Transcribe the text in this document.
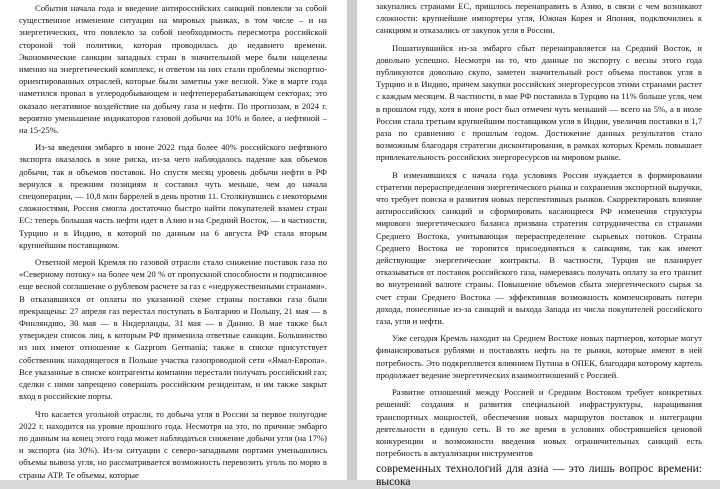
События начала года и введение антироссийских санкций повлекли за собой существенное изменение ситуации на мировых рынках, в том числе – и на энергетических, что повлекло за собой необходимость пересмотра российской стороной той политики, которая проводилась до недавнего времени. Экономические санкции западных стран в значительной мере были нацелены именно на энергетический комплекс, и ответом на них стали проблемы экспортно-ориентированных отраслей, которые были заметны уже весной. Уже в марте года наметился провал в углеродобывающем и нефтеперерабатывающем секторах; это оказало негативное воздействие на добычу газа и нефти. По прогнозам, в 2024 г. вероятно уменьшение индикаторов газовой добычи на 10% и более, а нефтяной – на 15-25%.

Из-за введения эмбарго в июне 2022 года более 40% российского нефтяного экспорта оказалось в зоне риска, из-за чего наблюдалось падение как объемов добычи, так и объемов поставок. Но спустя месяц уровень добычи нефти в РФ вернулся к прежним позициям и составил чуть меньше, чем до начала спецоперации, — 10,8 млн баррелей в день против 11. Столкнувшись с некоторыми сложностями, Россия смогла достаточно быстро найти покупателей взамен стран ЕС: теперь большая часть нефти идет в Азию и на Средний Восток, — в частности, Турцию и в Индию, в которой по данным на 6 августа РФ стала вторым крупнейшим поставщиком.

Ответной мерой Кремля по газовой отрасли стало снижение поставок газа по «Северному потоку» на более чем 20 % от пропускной способности и подписанное еще весной соглашение о рублевом расчете за газ с «недружественными странами». В отказавшихся от оплаты по указанной схеме страны поставки газа были прекращены: 27 апреля газ перестал поступать в Болгарию и Польшу, 21 мая — в Финляндию, 30 мая — в Нидерланды, 31 мая — в Данию. В мае также был утвержден список лиц, к которым РФ применила ответные санкции. Большинство из них имеют отношение к Gazprom Germania; также в списке присутствует собственник находящегося в Польше участка газопроводной сети «Ямал-Европа». Все указанные в списке контрагенты компании перестали получать российский газ; сделки с ними запрещено совершать российским резидентам, и им также закрыт вход в российские порты.

Что касается угольной отрасли, то добыча угля в России за первое полугодие 2022 г. находится на уровне прошлого года. Несмотря на это, по причине эмбарго по данным на конец этого года может наблюдаться снижение добычи угля (на 17%) и экспорта (на 30%). Из-за ситуации с северо-западными портами уменьшились объемы вывоза угля, но рассматривается возможность перевозить уголь по морю в страны АТР. Те объемы, которые

закупались странами ЕС, пришлось перенаправить в Азию, в связи с чем возникают сложности: крупнейшие импортеры угля, Южная Корея и Япония, подключились к санкциям и отказались от закупок угля в России.

Пошатнувшийся из-за эмбарго сбыт перенаправляется на Средний Восток, и довольно успешно. Несмотря на то, что данные по экспорту с весны этого года публикуются довольно скупо, заметен значительный рост объема поставок угля в Турцию и в Индию, причем закупки российских энергоресурсов этими странами растет с каждым месяцем. В частности, в мае РФ поставила в Турцию на 11% больше угля, чем в прошлом году, хотя в июне рост был отмечен чуть меньший — всего на 5%, а в июле Россия стала третьим крупнейшим поставщиком угля в Индии, увеличив поставки в 1,7 раза по сравнению с прошлым годом. Достижение данных результатов стало возможным благодаря стратегии дисконтирования, в рамках которых Кремль повышает привлекательность российских энергоресурсов на мировом рынке.

В изменившихся с начала года условиях Россия нуждается в формировании стратегии перераспределения энергетического рынка и сохранения экспортной выручки, что требует поиска и развития новых перспективных рынков. Скорректировать влияние антироссийских санкций и сформировать касающиеся РФ изменения структуры мирового энергетического баланса призвана стратегия сотрудничества со странами Среднего Востока, учитывающая перераспределение сырьевых потоков. Страны Среднего Востока не торопятся присоединяться к санкциям, так как имеют действующие энергетические контракты. В частности, Турция не планирует отказываться от поставок российского газа, намереваясь получать оплату за его транзит во внутренний валюте страны. Повышение объемов сбыта энергетического сырья за счет стран Среднего Востока — эффективная возможность компенсировать потери дохода, понесенные из-за санкций и выхода Запада из числа покупателей российского газа, угля и нефти.

Уже сегодня Кремль находит на Среднем Востоке новых партнеров, которые могут финансироваться рублями и поставлять нефть на те рынки, которые имеют в ней потребность. Это подкрепляется влиянием Путина в ОПЕК, благодаря которому картель продолжает ведение энергетических взаимоотношений с Россией.

Развитие отношений между Россией и Средним Востоком требует конкретных решений: создания и развития специальной инфраструктуры, наращивания транспортных мощностей, обеспечения новых маршрутов поставок и интеграции деятельности в единую сеть. В то же время в условиях обострившейся ценовой конкуренции и возможности введения новых ограничительных санкций есть потребность в актуализации инструментов

современных технологий для азиа — это лишь вопрос времени: высока
